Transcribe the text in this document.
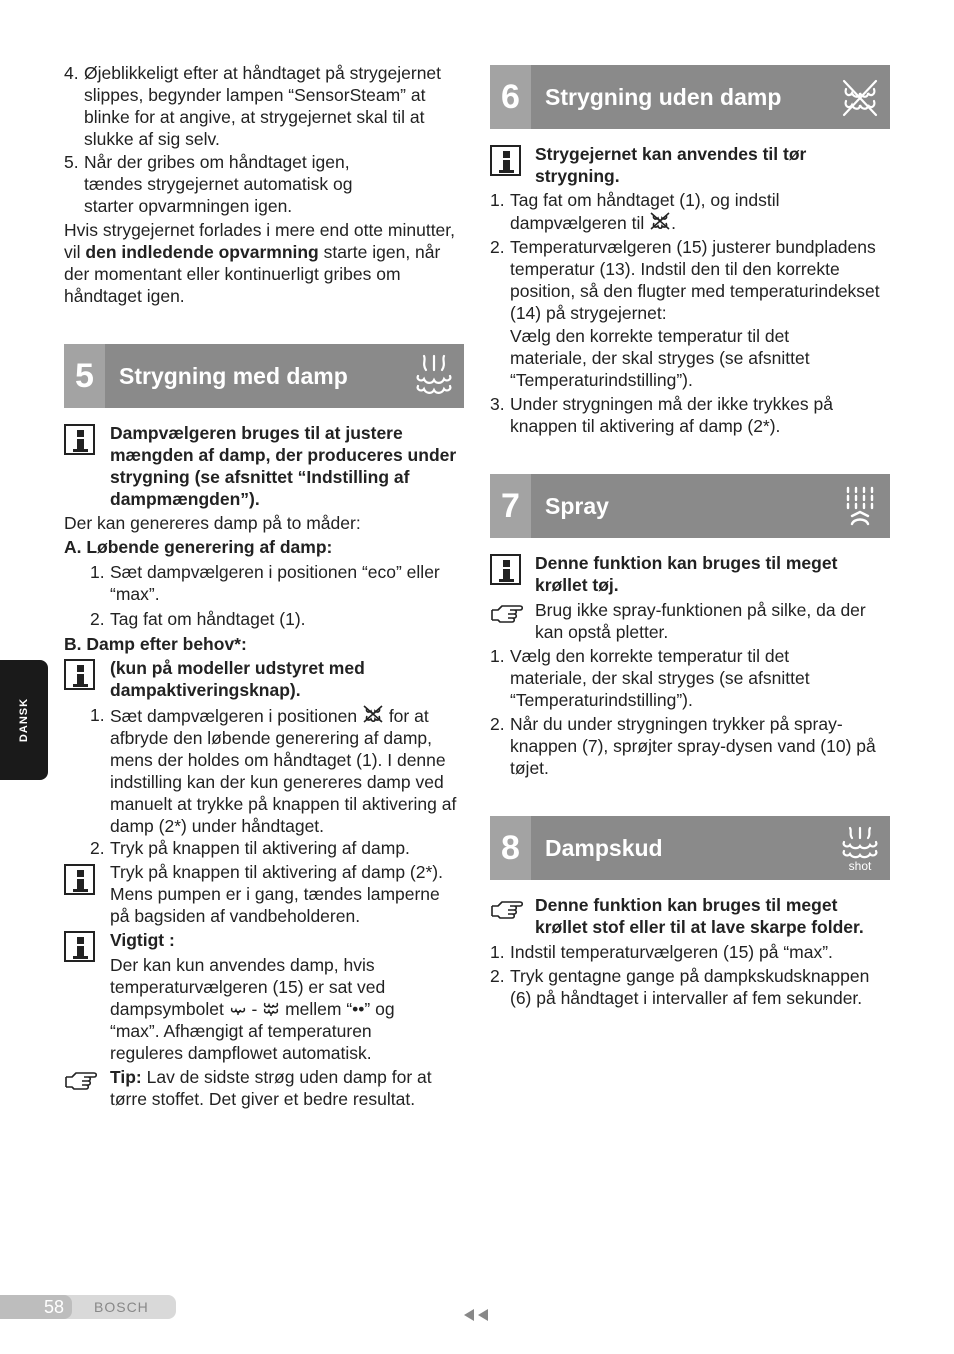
DANSK
4. Øjeblikkeligt efter at håndtaget på strygejernet slippes, begynder lampen “SensorSteam” at blinke for at angive, at strygejernet skal til at slukke af sig selv.
5. Når der gribes om håndtaget igen, tændes strygejernet automatisk og starter opvarmningen igen.

Hvis strygejernet forlades i mere end otte minutter, vil den indledende opvarmning starte igen, når der momentant eller kontinuerligt gribes om håndtaget igen.

5	Strygning med damp

Dampvælgeren bruges til at justere mængden af damp, der produceres under strygning (se afsnittet “Indstilling af dampmængden”).

Der kan genereres damp på to måder:

A. Løbende generering af damp:

1. Sæt dampvælgeren i positionen “eco” eller “max”.
2. Tag fat om håndtaget (1).

B. Damp efter behov*:

(kun på modeller udstyret med dampaktiveringsknap).

1. Sæt dampvælgeren i positionen  for at afbryde den løbende generering af damp, mens der holdes om håndtaget (1). I denne indstilling kan der kun genereres damp ved manuelt at trykke på knappen til aktivering af damp (2*) under håndtaget.
2. Tryk på knappen til aktivering af damp.

Tryk på knappen til aktivering af damp (2*). Mens pumpen er i gang, tændes lamperne på bagsiden af vandbeholderen.

Vigtigt :

Der kan kun anvendes damp, hvis temperaturvælgeren (15) er sat ved dampsymbolet  -  mellem “••” og “max”. Afhængigt af temperaturen reguleres dampflowet automatisk.

Tip: Lav de sidste strøg uden damp for at tørre stoffet. Det giver et bedre resultat.

6	Strygning uden damp

Strygejernet kan anvendes til tør strygning.

1. Tag fat om håndtaget (1), og indstil dampvælgeren til .
2. Temperaturvælgeren (15) justerer bundpladens temperatur (13). Indstil den til den korrekte position, så den flugter med temperaturindekset (14) på strygejernet:

Vælg den korrekte temperatur til det materiale, der skal stryges (se afsnittet “Temperaturindstilling”).

3. Under strygningen må der ikke trykkes på knappen til aktivering af damp (2*).
7	Spray

Denne funktion kan bruges til meget krøllet tøj.

Brug ikke spray-funktionen på silke, da der kan opstå pletter.

1. Vælg den korrekte temperatur til det materiale, der skal stryges (se afsnittet “Temperaturindstilling”).
2. Når du under strygningen trykker på spray-knappen (7), sprøjter spray-dysen vand (10) på tøjet.
8	Dampskud
shot

Denne funktion kan bruges til meget krøllet stof eller til at lave skarpe folder.

1. Indstil temperaturvælgeren (15) på “max”.
2. Tryk gentagne gange på dampkskudsknappen (6) på håndtaget i intervaller af fem sekunder.
58	BOSCH
